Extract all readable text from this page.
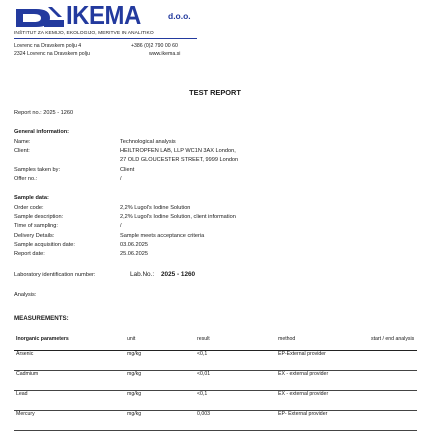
IKEMA	d.o.o.
INŠTITUT ZA KEMIJO, EKOLOGIJO, MERITVE IN ANALITIKO
Lovrenc na Dravskem polju 4	+386 (0)2 790 00 60
2324 Lovrenc na Dravskem polju	www.ikema.si
TEST REPORT
Report no.: 2025 - 1260
General information:
Name:	Technological analysis
Client:	HEILTROPFEN LAB, LLP WC1N 3AX London,
27 OLD GLOUCESTER STREET, 9999 London
Samples taken by:	Client
Offer no.:	/
Sample data:
Order code:	2,2% Lugol's Iodine Solution
Sample description:	2,2% Lugol's Iodine Solution, client information
Time of sampling:	/
Delivery Details:	Sample meets acceptance criteria
Sample acquisition date:	03.06.2025
Report date:	25.06.2025
Laboratory identification number:	Lab.No.: 2025 - 1260
Analysis:
MEASUREMENTS:
Inorganic parameters	unit	result	method	start / end analysis
Arsenic	mg/kg	<0,1	EP-External provider	
Cadmium	mg/kg	<0,01	EX - external provider	
Lead	mg/kg	<0,1	EX - external provider	
Mercury	mg/kg	0,003	EP- External provider	
